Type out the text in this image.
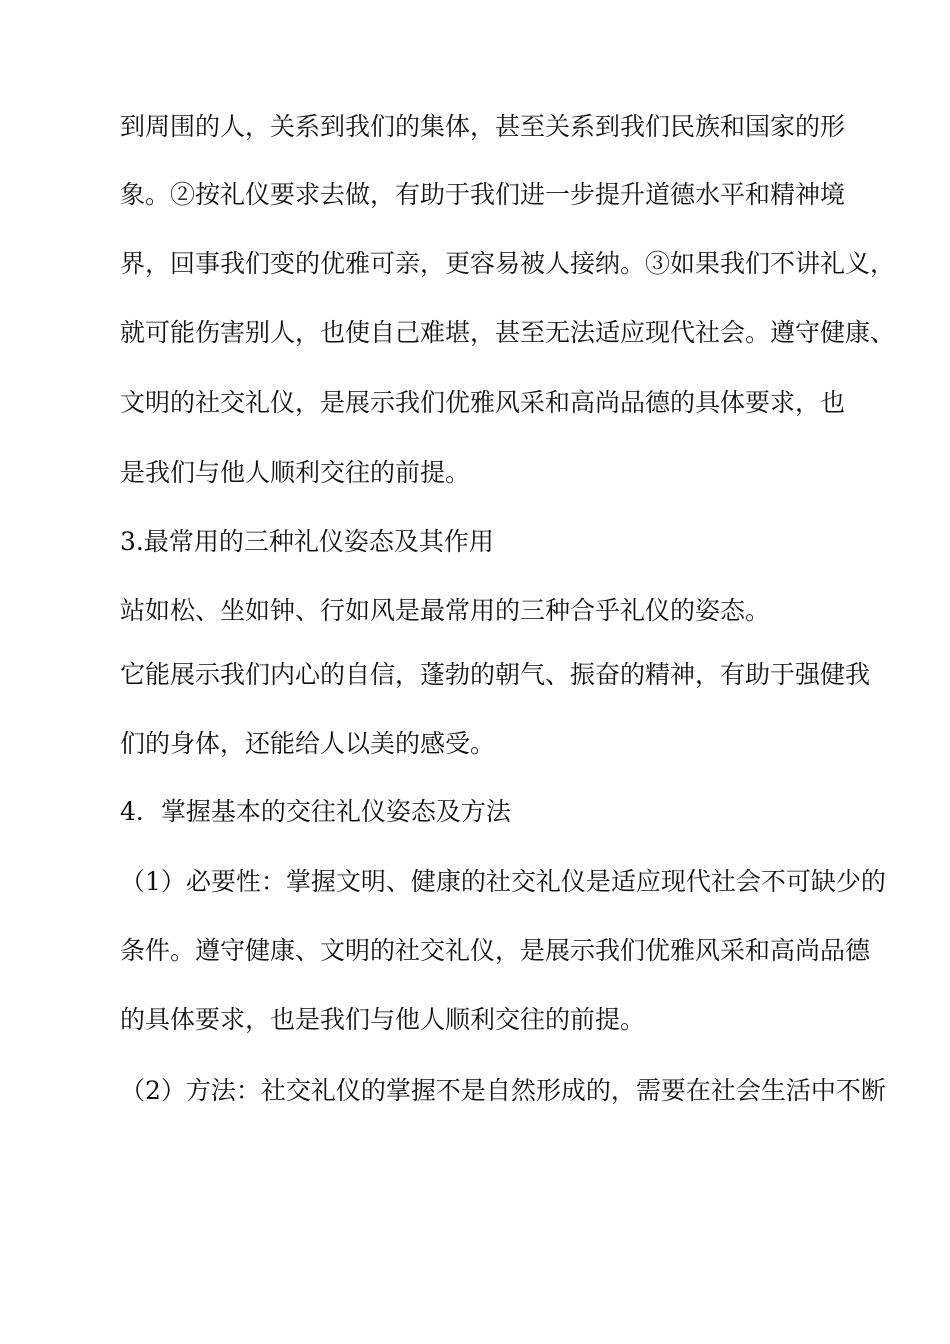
到周围的人，关系到我们的集体，甚至关系到我们民族和国家的形
象。②按礼仪要求去做，有助于我们进一步提升道德水平和精神境
界，回事我们变的优雅可亲，更容易被人接纳。③如果我们不讲礼义，
就可能伤害别人，也使自己难堪，甚至无法适应现代社会。遵守健康、
文明的社交礼仪，是展示我们优雅风采和高尚品德的具体要求，也
是我们与他人顺利交往的前提。
3.最常用的三种礼仪姿态及其作用
站如松、坐如钟、行如风是最常用的三种合乎礼仪的姿态。
它能展示我们内心的自信，蓬勃的朝气、振奋的精神，有助于强健我
们的身体，还能给人以美的感受。
4．掌握基本的交往礼仪姿态及方法
（1）必要性：掌握文明、健康的社交礼仪是适应现代社会不可缺少的
条件。遵守健康、文明的社交礼仪，是展示我们优雅风采和高尚品德
的具体要求，也是我们与他人顺利交往的前提。
（2）方法：社交礼仪的掌握不是自然形成的，需要在社会生活中不断
